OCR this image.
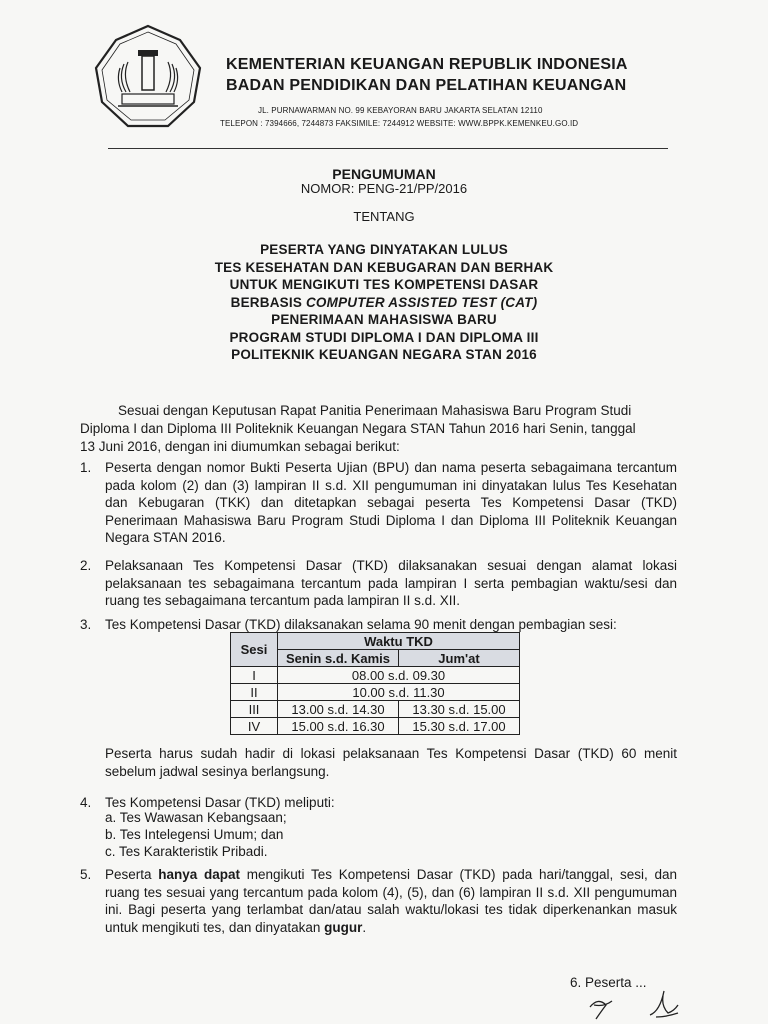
KEMENTERIAN KEUANGAN REPUBLIK INDONESIA
BADAN PENDIDIKAN DAN PELATIHAN KEUANGAN
JL. PURNAWARMAN NO. 99 KEBAYORAN BARU JAKARTA SELATAN 12110
TELEPON : 7394666, 7244873 FAKSIMILE: 7244912 WEBSITE: WWW.BPPK.KEMENKEU.GO.ID
PENGUMUMAN
NOMOR: PENG-21/PP/2016
TENTANG
PESERTA YANG DINYATAKAN LULUS
TES KESEHATAN DAN KEBUGARAN DAN BERHAK
UNTUK MENGIKUTI TES KOMPETENSI DASAR
BERBASIS COMPUTER ASSISTED TEST (CAT)
PENERIMAAN MAHASISWA BARU
PROGRAM STUDI DIPLOMA I DAN DIPLOMA III
POLITEKNIK KEUANGAN NEGARA STAN 2016
Sesuai dengan Keputusan Rapat Panitia Penerimaan Mahasiswa Baru Program Studi
Diploma I dan Diploma III Politeknik Keuangan Negara STAN Tahun 2016 hari Senin, tanggal
13 Juni 2016, dengan ini diumumkan sebagai berikut:
1. Peserta dengan nomor Bukti Peserta Ujian (BPU) dan nama peserta sebagaimana tercantum pada kolom (2) dan (3) lampiran II s.d. XII pengumuman ini dinyatakan lulus Tes Kesehatan dan Kebugaran (TKK) dan ditetapkan sebagai peserta Tes Kompetensi Dasar (TKD) Penerimaan Mahasiswa Baru Program Studi Diploma I dan Diploma III Politeknik Keuangan Negara STAN 2016.
2. Pelaksanaan Tes Kompetensi Dasar (TKD) dilaksanakan sesuai dengan alamat lokasi pelaksanaan tes sebagaimana tercantum pada lampiran I serta pembagian waktu/sesi dan ruang tes sebagaimana tercantum pada lampiran II s.d. XII.
3. Tes Kompetensi Dasar (TKD) dilaksanakan selama 90 menit dengan pembagian sesi:
Sesi	Waktu TKD	
	Senin s.d. Kamis	Jum'at
I	08.00 s.d. 09.30	
II	10.00 s.d. 11.30	
III	13.00 s.d. 14.30	13.30 s.d. 15.00
IV	15.00 s.d. 16.30	15.30 s.d. 17.00
Peserta harus sudah hadir di lokasi pelaksanaan Tes Kompetensi Dasar (TKD) 60 menit sebelum jadwal sesinya berlangsung.
4. Tes Kompetensi Dasar (TKD) meliputi:
a. Tes Wawasan Kebangsaan;
b. Tes Intelegensi Umum; dan
c. Tes Karakteristik Pribadi.
5. Peserta hanya dapat mengikuti Tes Kompetensi Dasar (TKD) pada hari/tanggal, sesi, dan ruang tes sesuai yang tercantum pada kolom (4), (5), dan (6) lampiran II s.d. XII pengumuman ini. Bagi peserta yang terlambat dan/atau salah waktu/lokasi tes tidak diperkenankan masuk untuk mengikuti tes, dan dinyatakan gugur.
6. Peserta ...
